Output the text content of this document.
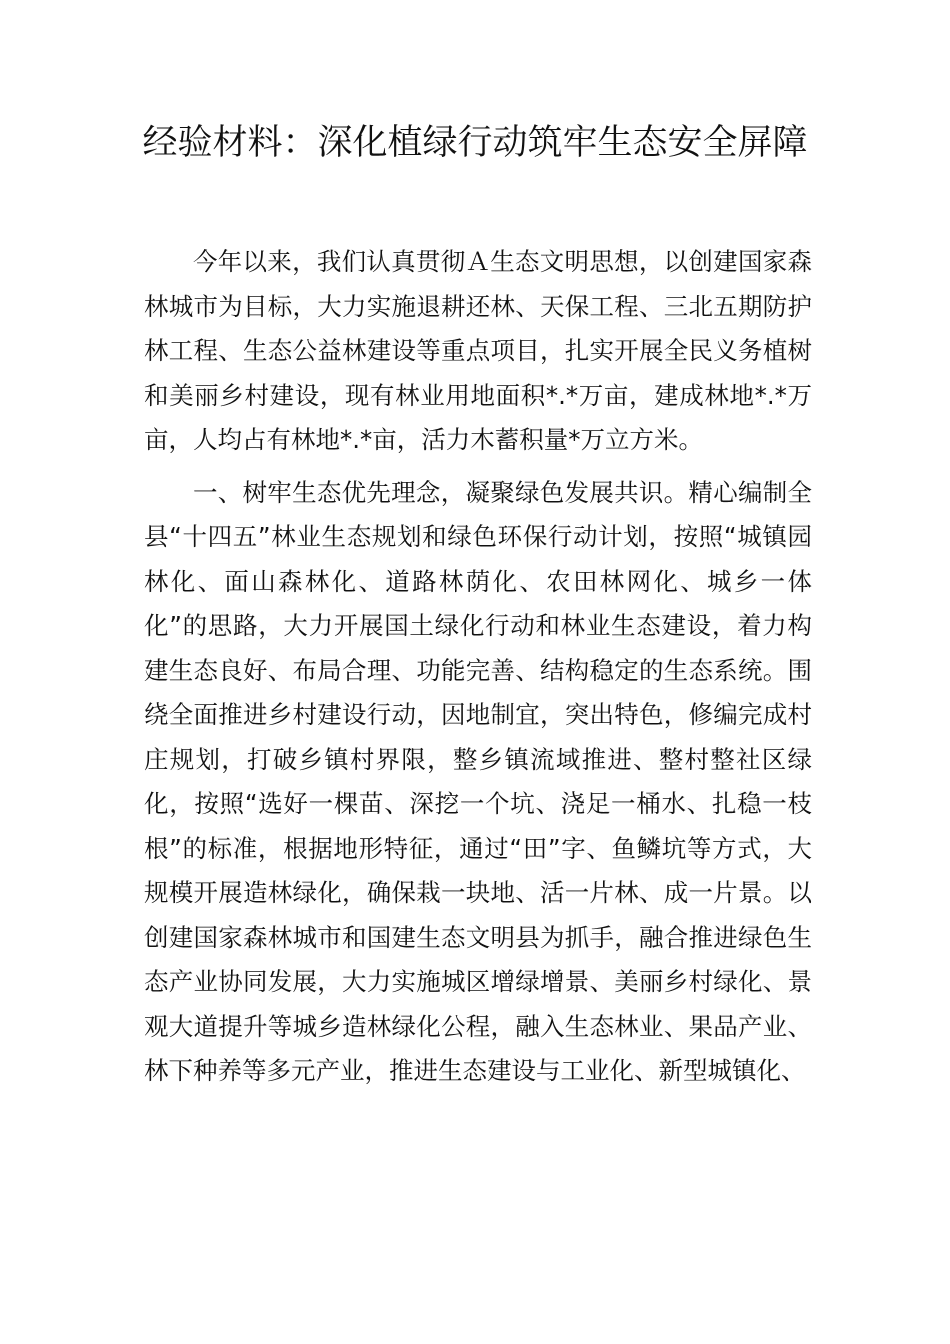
经验材料：深化植绿行动筑牢生态安全屏障

今年以来，我们认真贯彻Ａ生态文明思想，以创建国家森林城市为目标，大力实施退耕还林、天保工程、三北五期防护林工程、生态公益林建设等重点项目，扎实开展全民义务植树和美丽乡村建设，现有林业用地面积*.*万亩，建成林地*.*万亩，人均占有林地*.*亩，活力木蓄积量*万立方米。

一、树牢生态优先理念，凝聚绿色发展共识。精心编制全县“十四五”林业生态规划和绿色环保行动计划，按照“城镇园林化、面山森林化、道路林荫化、农田林网化、城乡一体化”的思路，大力开展国土绿化行动和林业生态建设，着力构建生态良好、布局合理、功能完善、结构稳定的生态系统。围绕全面推进乡村建设行动，因地制宜，突出特色，修编完成村庄规划，打破乡镇村界限，整乡镇流域推进、整村整社区绿化，按照“选好一棵苗、深挖一个坑、浇足一桶水、扎稳一枝根”的标准，根据地形特征，通过“田”字、鱼鳞坑等方式，大规模开展造林绿化，确保栽一块地、活一片林、成一片景。以创建国家森林城市和国建生态文明县为抓手，融合推进绿色生态产业协同发展，大力实施城区增绿增景、美丽乡村绿化、景观大道提升等城乡造林绿化公程，融入生态林业、果品产业、林下种养等多元产业，推进生态建设与工业化、新型城镇化、
